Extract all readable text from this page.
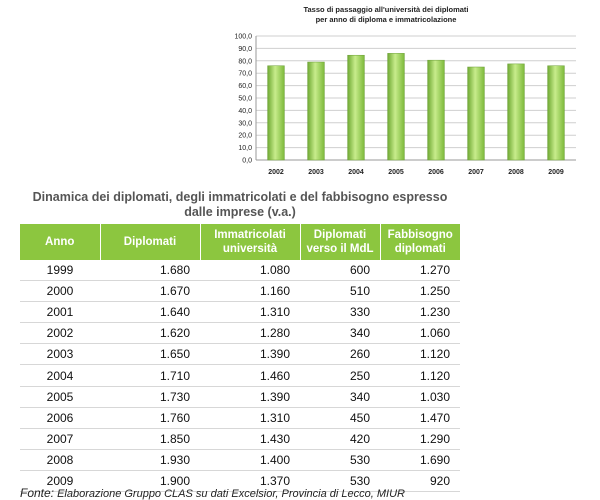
Tasso di passaggio all'università dei diplomati
per anno di diploma e immatricolazione
0,0
10,0
20,0
30,0
40,0
50,0
60,0
70,0
80,0
90,0
100,0
2002	2003	2004	2005	2006	2007	2008	2009
Dinamica dei diplomati, degli immatricolati e del fabbisogno espresso dalle imprese (v.a.)
Anno	Diplomati	Immatricolati università	Diplomati verso il MdL	Fabbisogno diplomati
1999	1.680	1.080	600	1.270
2000	1.670	1.160	510	1.250
2001	1.640	1.310	330	1.230
2002	1.620	1.280	340	1.060
2003	1.650	1.390	260	1.120
2004	1.710	1.460	250	1.120
2005	1.730	1.390	340	1.030
2006	1.760	1.310	450	1.470
2007	1.850	1.430	420	1.290
2008	1.930	1.400	530	1.690
2009	1.900	1.370	530	920
Fonte: Elaborazione Gruppo CLAS su dati Excelsior, Provincia di Lecco, MIUR
